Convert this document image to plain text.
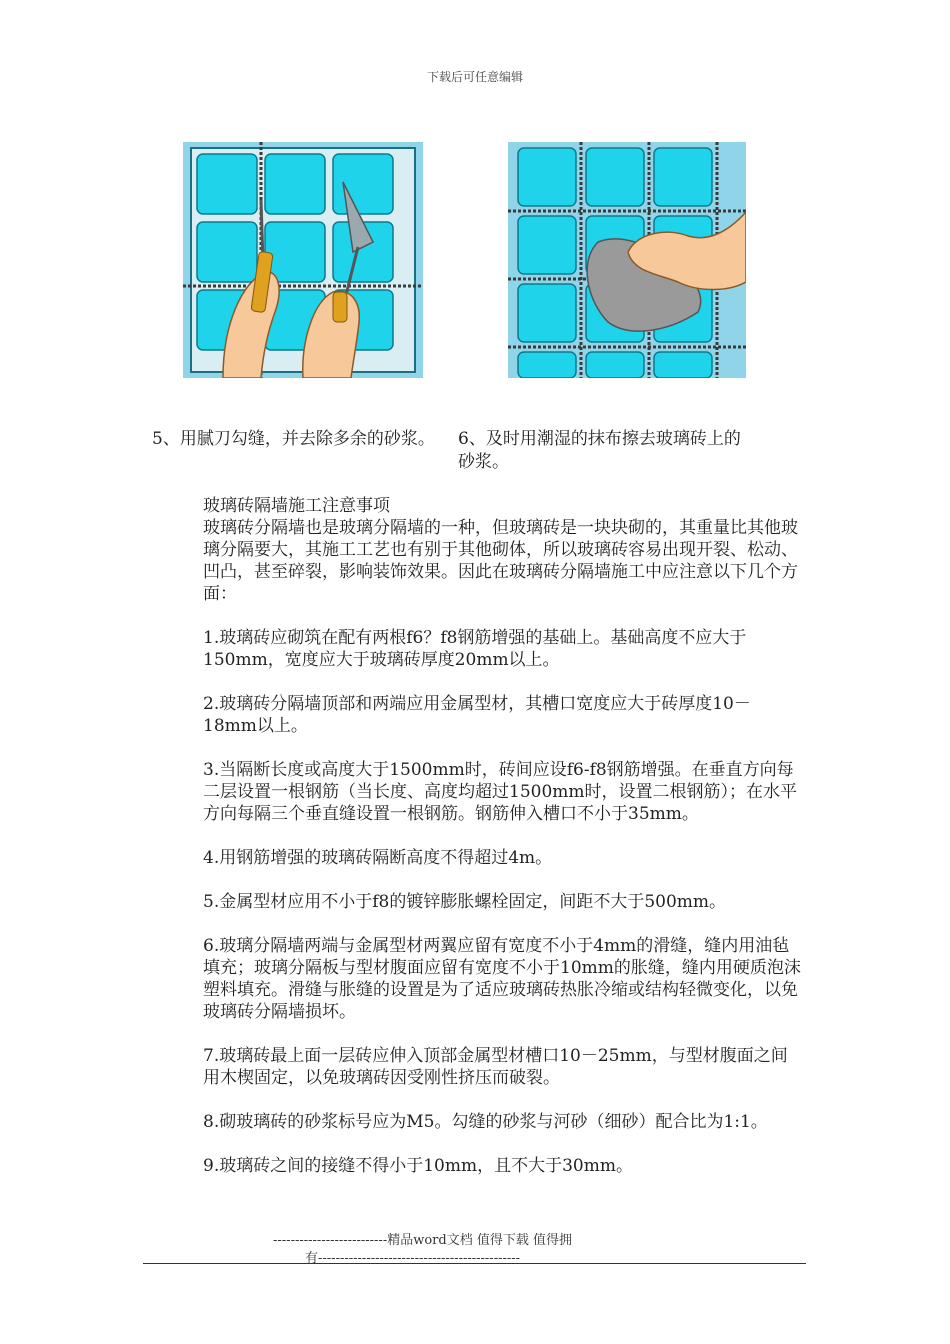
下载后可任意编辑
5、用腻刀勾缝，并去除多余的砂浆。	6、及时用潮湿的抹布擦去玻璃砖上的砂浆。

玻璃砖隔墙施工注意事项

玻璃砖分隔墙也是玻璃分隔墙的一种，但玻璃砖是一块块砌的，其重量比其他玻璃分隔要大，其施工工艺也有别于其他砌体，所以玻璃砖容易出现开裂、松动、凹凸，甚至碎裂，影响装饰效果。因此在玻璃砖分隔墙施工中应注意以下几个方面：

1.玻璃砖应砌筑在配有两根f6？f8钢筋增强的基础上。基础高度不应大于150mm，宽度应大于玻璃砖厚度20mm以上。

2.玻璃砖分隔墙顶部和两端应用金属型材，其槽口宽度应大于砖厚度10－18mm以上。

3.当隔断长度或高度大于1500mm时，砖间应设f6-f8钢筋增强。在垂直方向每二层设置一根钢筋（当长度、高度均超过1500mm时，设置二根钢筋）；在水平方向每隔三个垂直缝设置一根钢筋。钢筋伸入槽口不小于35mm。

4.用钢筋增强的玻璃砖隔断高度不得超过4m。

5.金属型材应用不小于f8的镀锌膨胀螺栓固定，间距不大于500mm。

6.玻璃分隔墙两端与金属型材两翼应留有宽度不小于4mm的滑缝，缝内用油毡填充；玻璃分隔板与型材腹面应留有宽度不小于10mm的胀缝，缝内用硬质泡沫塑料填充。滑缝与胀缝的设置是为了适应玻璃砖热胀冷缩或结构轻微变化，以免玻璃砖分隔墙损坏。

7.玻璃砖最上面一层砖应伸入顶部金属型材槽口10－25mm，与型材腹面之间用木楔固定，以免玻璃砖因受刚性挤压而破裂。

8.砌玻璃砖的砂浆标号应为M5。勾缝的砂浆与河砂（细砂）配合比为1:1。

9.玻璃砖之间的接缝不得小于10mm，且不大于30mm。

--------------------------精品word文档 值得下载 值得拥
有----------------------------------------------
